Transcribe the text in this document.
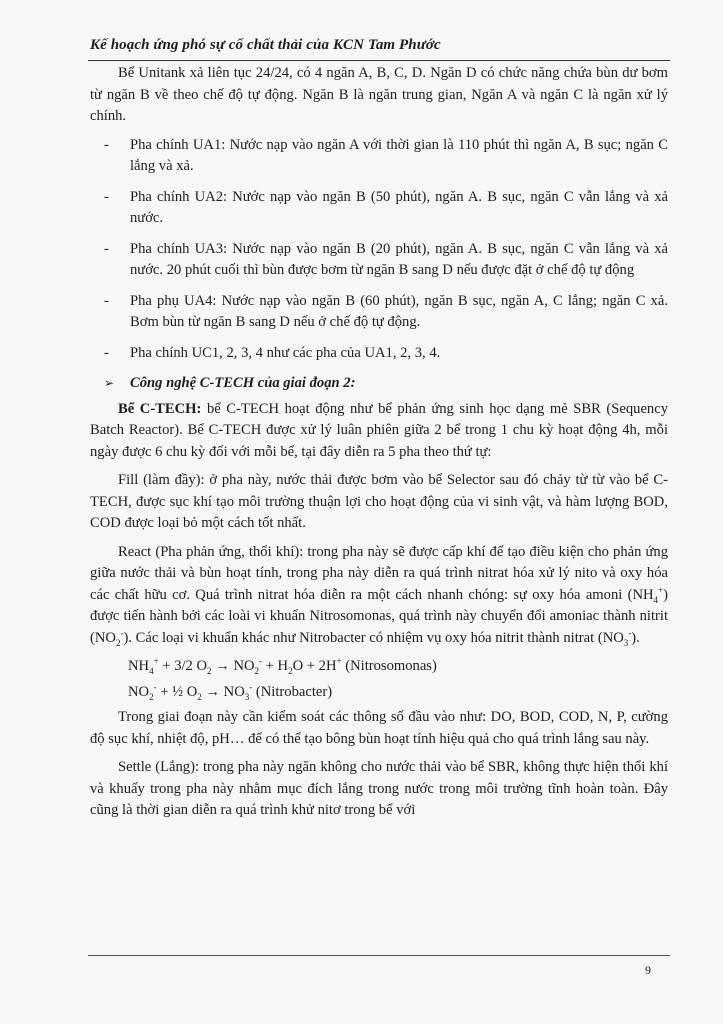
Kế hoạch ứng phó sự cố chất thải của KCN Tam Phước

Bể Unitank xả liên tục 24/24, có 4 ngăn A, B, C, D. Ngăn D có chức năng chứa bùn dư bơm từ ngăn B về theo chế độ tự động. Ngăn B là ngăn trung gian, Ngăn A và ngăn C là ngăn xử lý chính.

- Pha chính UA1: Nước nạp vào ngăn A với thời gian là 110 phút thì ngăn A, B sục; ngăn C lắng và xả.
- Pha chính UA2: Nước nạp vào ngăn B (50 phút), ngăn A. B sục, ngăn C vẫn lắng và xả nước.
- Pha chính UA3: Nước nạp vào ngăn B (20 phút), ngăn A. B sục, ngăn C vẫn lắng và xả nước. 20 phút cuối thì bùn được bơm từ ngăn B sang D nếu được đặt ở chế độ tự động
- Pha phụ UA4: Nước nạp vào ngăn B (60 phút), ngăn B sục, ngăn A, C lắng; ngăn C xả. Bơm bùn từ ngăn B sang D nếu ở chế độ tự động.
- Pha chính UC1, 2, 3, 4 như các pha của UA1, 2, 3, 4.
➢ Công nghệ C-TECH của giai đoạn 2:

Bể C-TECH: bể C-TECH hoạt động như bể phản ứng sinh học dạng mẻ SBR (Sequency Batch Reactor). Bể C-TECH được xử lý luân phiên giữa 2 bể trong 1 chu kỳ hoạt động 4h, mỗi ngày được 6 chu kỳ đối với mỗi bể, tại đây diễn ra 5 pha theo thứ tự:

Fill (làm đầy): ở pha này, nước thải được bơm vào bể Selector sau đó chảy từ từ vào bể C-TECH, được sục khí tạo môi trường thuận lợi cho hoạt động của vi sinh vật, và hàm lượng BOD, COD được loại bỏ một cách tốt nhất.

React (Pha phản ứng, thổi khí): trong pha này sẽ được cấp khí để tạo điều kiện cho phản ứng giữa nước thải và bùn hoạt tính, trong pha này diễn ra quá trình nitrat hóa xử lý nito và oxy hóa các chất hữu cơ. Quá trình nitrat hóa diễn ra một cách nhanh chóng: sự oxy hóa amoni $(NH_4^+)$ được tiến hành bởi các loài vi khuẩn Nitrosomonas, quá trình này chuyển đổi amoniac thành nitrit $(NO_2^-)$. Các loại vi khuẩn khác như Nitrobacter có nhiệm vụ oxy hóa nitrit thành nitrat $(NO_3^-)$.

$NH_4^+ + 3/2$ $O_2 \to NO_2^- + H_2O + 2H^+$ (Nitrosomonas)

$NO_2^-$ + ½ $O_2 \to NO_3^-$ (Nitrobacter)

Trong giai đoạn này cần kiểm soát các thông số đầu vào như: DO, BOD, COD, N, P, cường độ sục khí, nhiệt độ, pH… để có thể tạo bông bùn hoạt tính hiệu quả cho quá trình lắng sau này.

Settle (Lắng): trong pha này ngăn không cho nước thải vào bể SBR, không thực hiện thổi khí và khuấy trong pha này nhằm mục đích lắng trong nước trong môi trường tĩnh hoàn toàn. Đây cũng là thời gian diễn ra quá trình khử nitơ trong bể với

9
